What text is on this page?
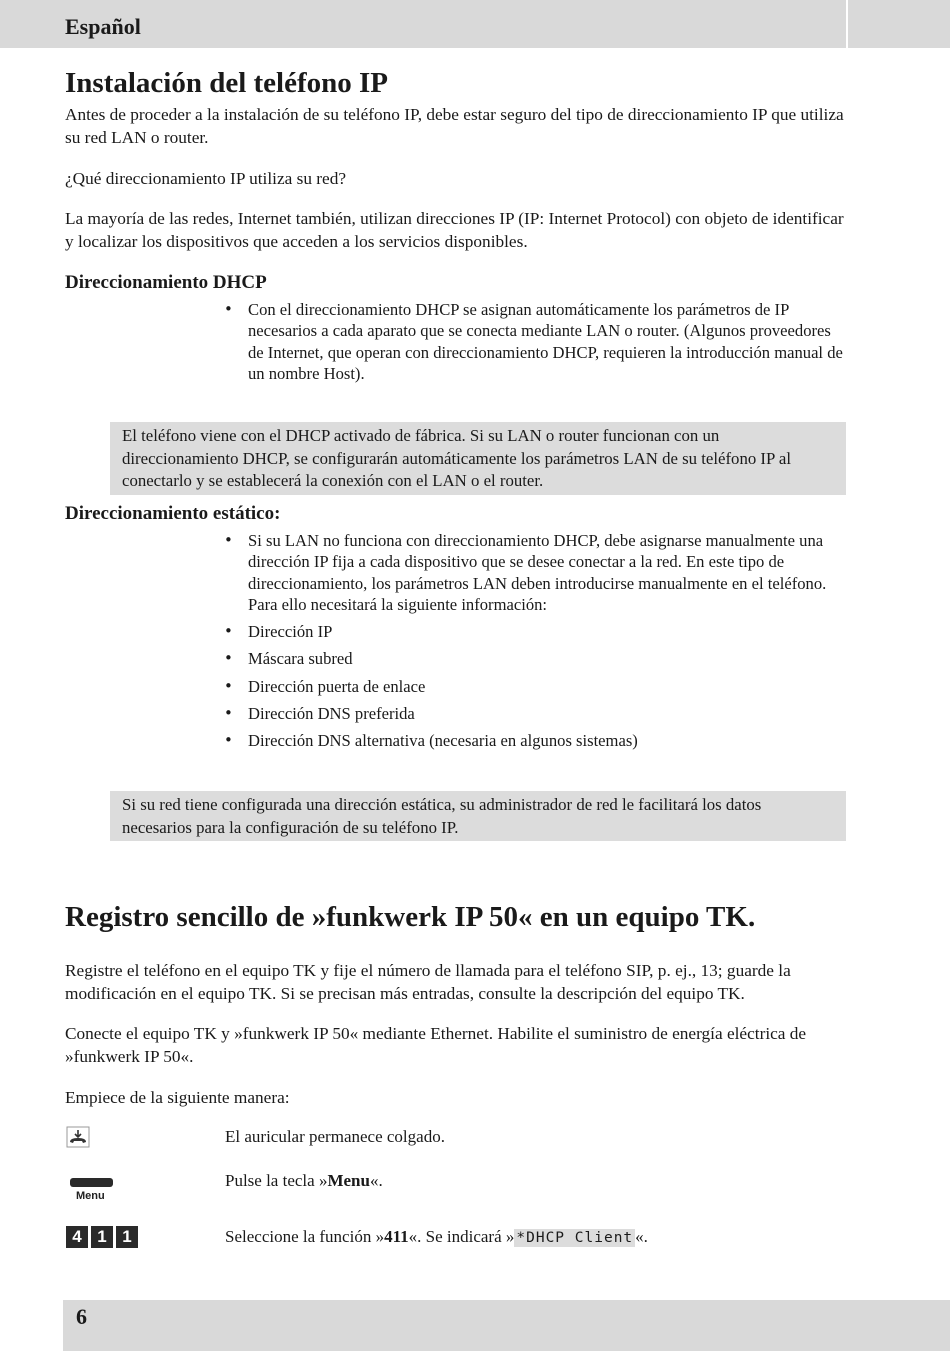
Español
Instalación del teléfono IP

Antes de proceder a la instalación de su teléfono IP, debe estar seguro del tipo de direccionamiento IP que utiliza su red LAN o router.

¿Qué direccionamiento IP utiliza su red?

La mayoría de las redes, Internet también, utilizan direcciones IP (IP: Internet Protocol) con objeto de identificar y localizar los dispositivos que acceden a los servicios disponibles.

Direccionamiento DHCP
• Con el direccionamiento DHCP se asignan automáticamente los parámetros de IP necesarios a cada aparato que se conecta mediante LAN o router. (Algunos proveedores de Internet, que operan con direccionamiento DHCP, requieren la introducción manual de un nombre Host).
El teléfono viene con el DHCP activado de fábrica. Si su LAN o router funcionan con un direccionamiento DHCP, se configurarán automáticamente los parámetros LAN de su teléfono IP al conectarlo y se establecerá la conexión con el LAN o el router.
Direccionamiento estático:
• Si su LAN no funciona con direccionamiento DHCP, debe asignarse manualmente una dirección IP fija a cada dispositivo que se desee conectar a la red. En este tipo de direccionamiento, los parámetros LAN deben introducirse manualmente en el teléfono. Para ello necesitará la siguiente información:
• Dirección IP
• Máscara subred
• Dirección puerta de enlace
• Dirección DNS preferida
• Dirección DNS alternativa (necesaria en algunos sistemas)
Si su red tiene configurada una dirección estática, su administrador de red le facilitará los datos necesarios para la configuración de su teléfono IP.
Registro sencillo de »funkwerk IP 50« en un equipo TK.

Registre el teléfono en el equipo TK y fije el número de llamada para el teléfono SIP, p. ej., 13; guarde la modificación en el equipo TK. Si se precisan más entradas, consulte la descripción del equipo TK.

Conecte el equipo TK y »funkwerk IP 50« mediante Ethernet. Habilite el suministro de energía eléctrica de »funkwerk IP 50«.

Empiece de la siguiente manera:

El auricular permanece colgado.
Menu
Pulse la tecla »Menu«.
4 1 1	Seleccione la función »411«. Se indicará » *DHCP Client «.
6
